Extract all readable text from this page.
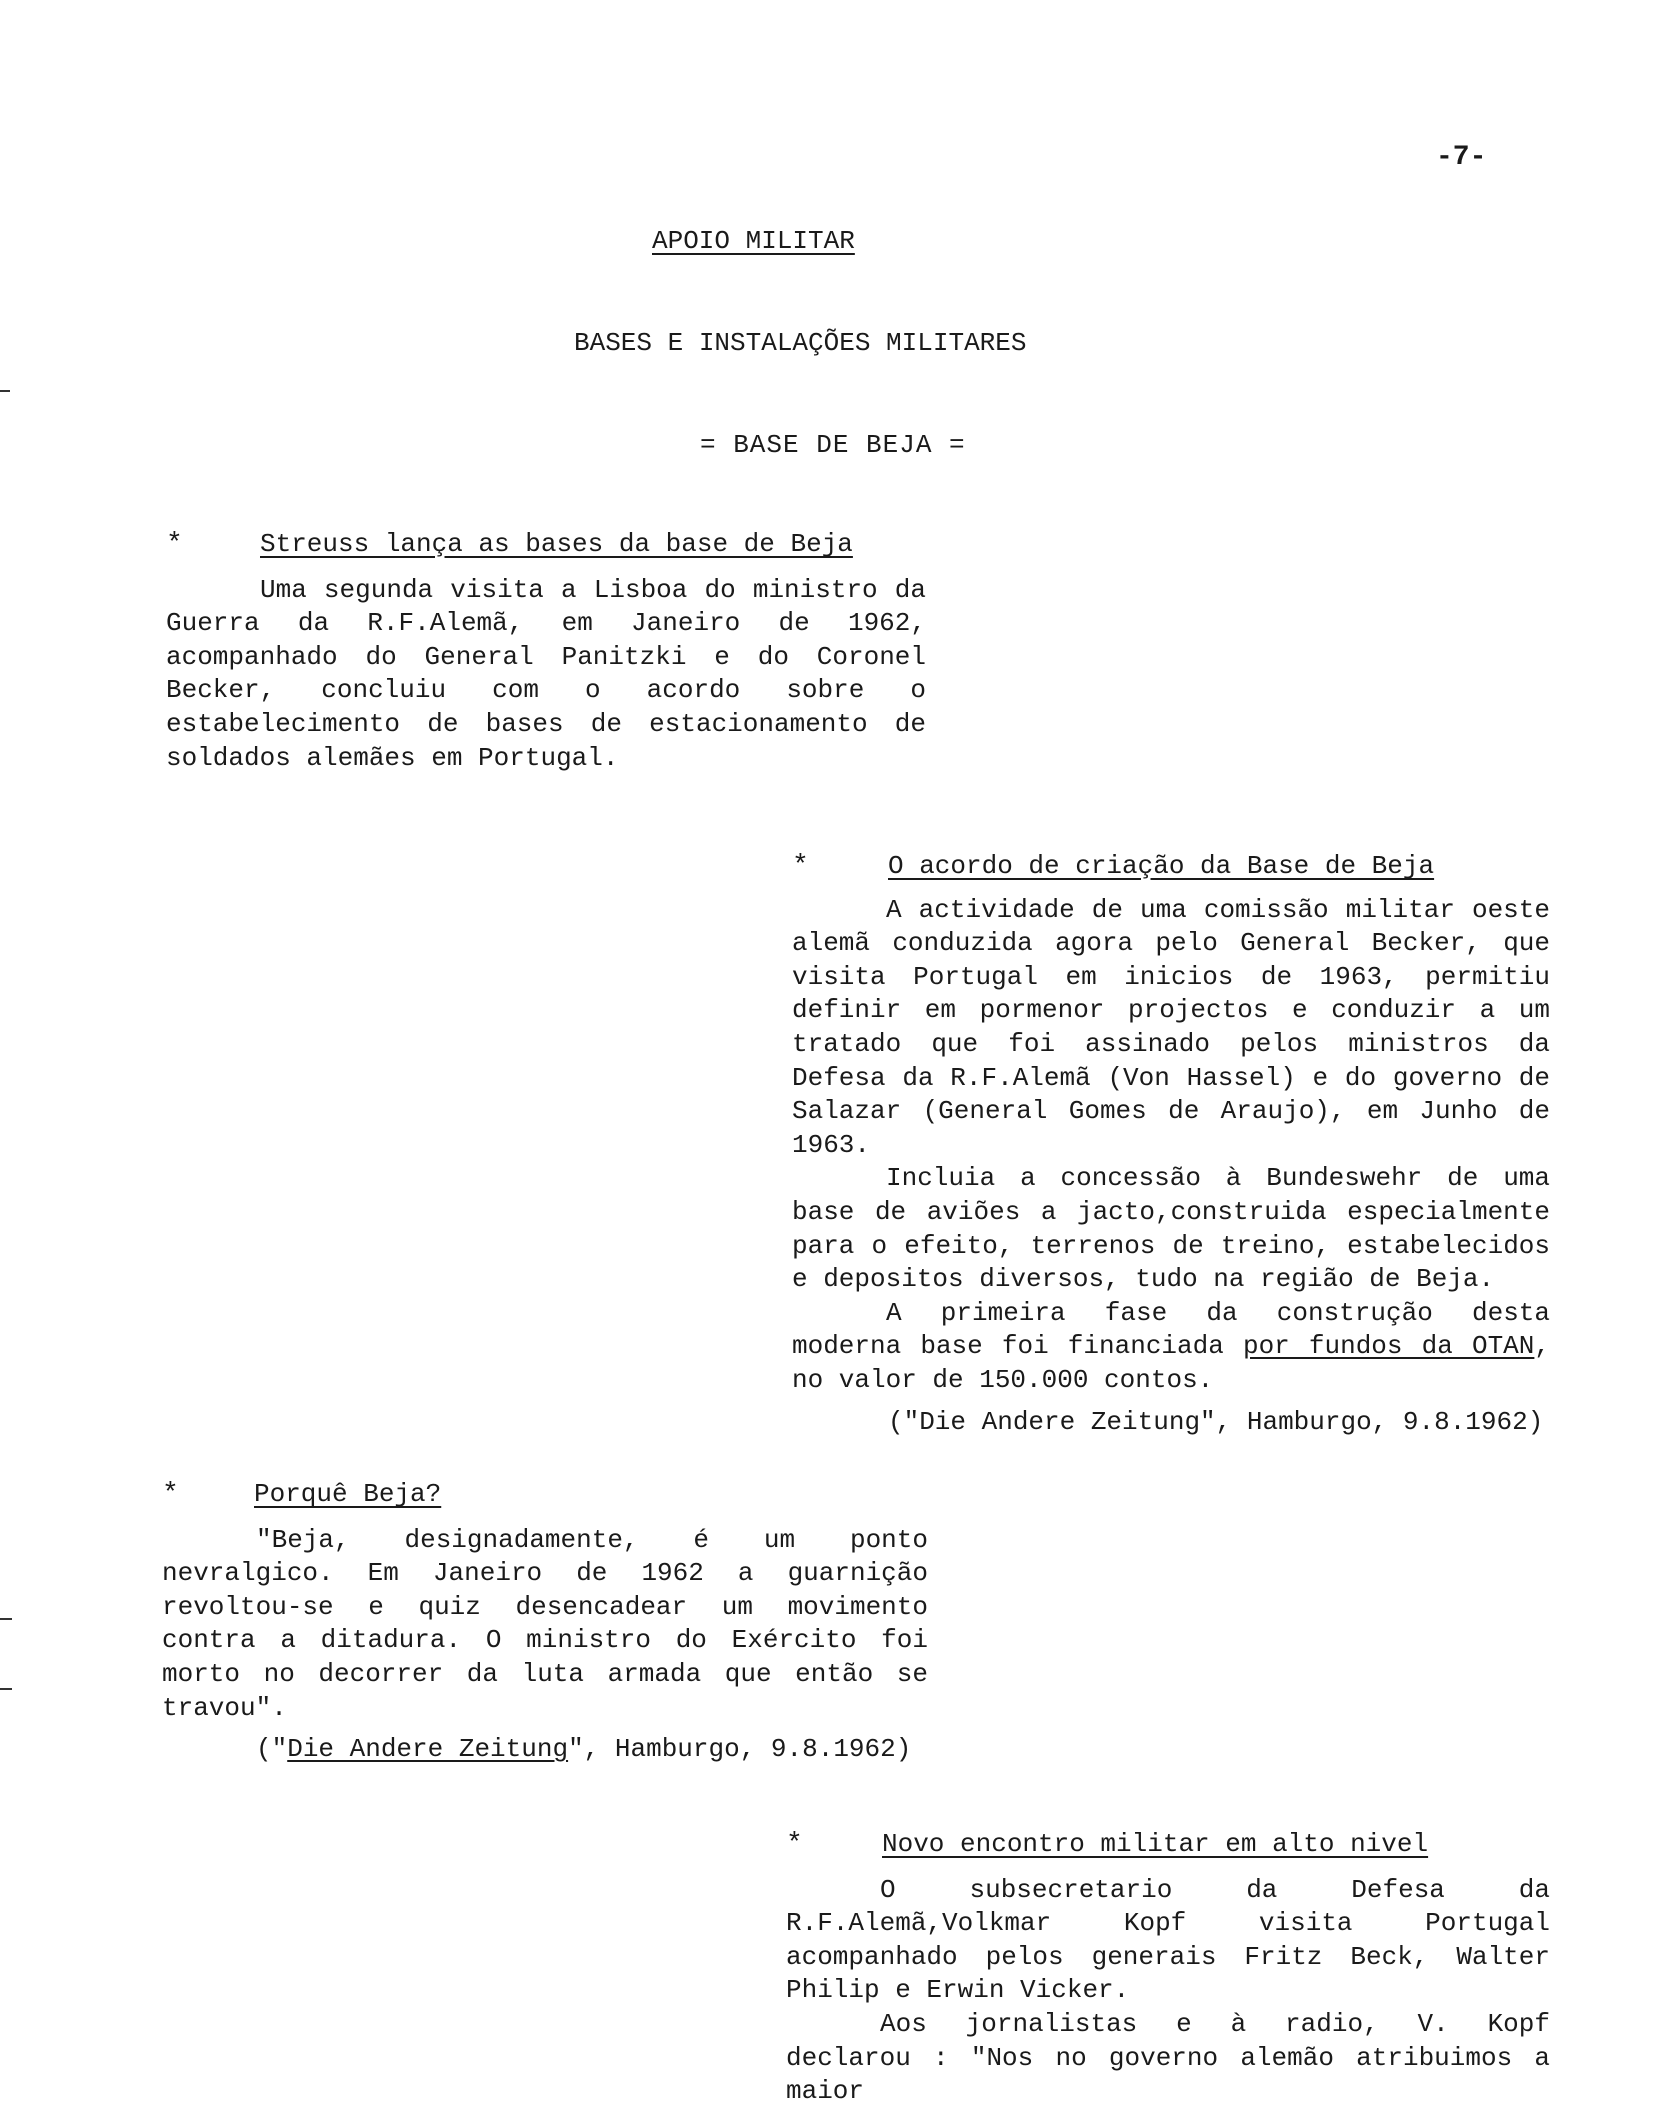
-7-
APOIO MILITAR
BASES E INSTALAÇÕES MILITARES
= BASE DE BEJA =
*	Streuss lança as bases da base de Beja

Uma segunda visita a Lisboa do ministro da Guerra da R.F.Alemã, em Janeiro de 1962, acompanhado do General Panitzki e do Coronel Becker, concluiu com o acordo sobre o estabelecimento de bases de estacionamento de soldados alemães em Portugal.

*	O acordo de criação da Base de Beja

A actividade de uma comissão militar oeste alemã conduzida agora pelo General Becker, que visita Portugal em inicios de 1963, permitiu definir em pormenor projectos e conduzir a um tratado que foi assinado pelos ministros da Defesa da R.F.Alemã (Von Hassel) e do governo de Salazar (General Gomes de Araujo), em Junho de 1963.

Incluia a concessão à Bundeswehr de uma base de aviões a jacto,construida especialmente para o efeito, terrenos de treino, estabelecidos e depositos diversos, tudo na região de Beja.

A primeira fase da construção desta moderna base foi financiada por fundos da OTAN, no valor de 150.000 contos.

("Die Andere Zeitung", Hamburgo, 9.8.1962)
*	Porquê Beja?

"Beja, designadamente, é um ponto nevralgico. Em Janeiro de 1962 a guarnição revoltou-se e quiz desencadear um movimento contra a ditadura. O ministro do Exército foi morto no decorrer da luta armada que então se travou".

("Die Andere Zeitung", Hamburgo, 9.8.1962)
*	Novo encontro militar em alto nivel

O subsecretario da Defesa da R.F.Alemã,Volkmar Kopf visita Portugal acompanhado pelos generais Fritz Beck, Walter Philip e Erwin Vicker.

Aos jornalistas e à radio, V. Kopf declarou : "Nos no governo alemão atribuimos a maior
